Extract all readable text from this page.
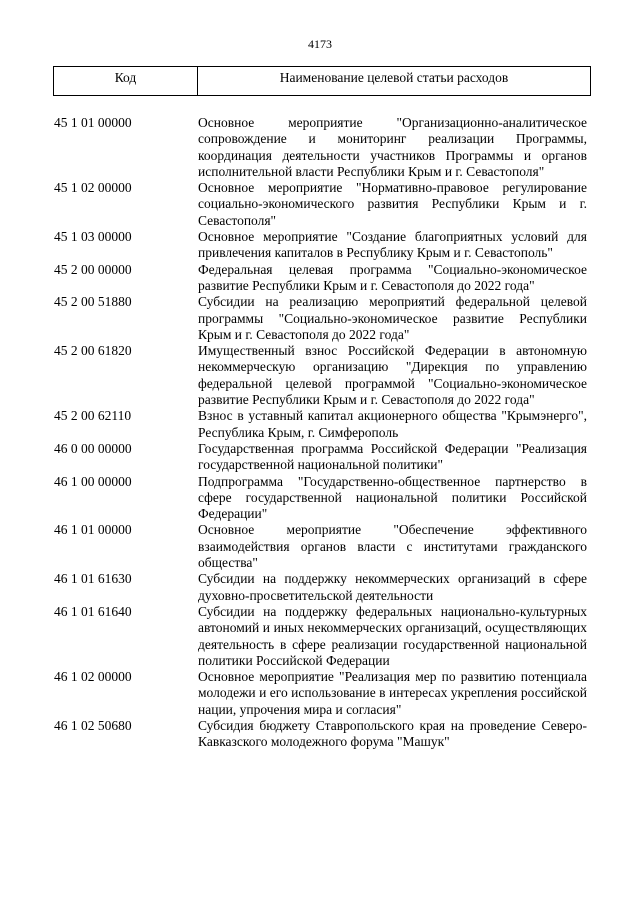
4173
Код	Наименование целевой статьи расходов
45 1 01 00000	Основное мероприятие "Организационно-аналитическое сопровождение и мониторинг реализации Программы, координация деятельности участников Программы и органов исполнительной власти Республики Крым и г. Севастополя"
45 1 02 00000	Основное мероприятие "Нормативно-правовое регулирование социально-экономического развития Республики Крым и г. Севастополя"
45 1 03 00000	Основное мероприятие "Создание благоприятных условий для привлечения капиталов в Республику Крым и г. Севастополь"
45 2 00 00000	Федеральная целевая программа "Социально-экономическое развитие Республики Крым и г. Севастополя до 2022 года"
45 2 00 51880	Субсидии на реализацию мероприятий федеральной целевой программы "Социально-экономическое развитие Республики Крым и г. Севастополя до 2022 года"
45 2 00 61820	Имущественный взнос Российской Федерации в автономную некоммерческую организацию "Дирекция по управлению федеральной целевой программой "Социально-экономическое развитие Республики Крым и г. Севастополя до 2022 года"
45 2 00 62110	Взнос в уставный капитал акционерного общества "Крымэнерго", Республика Крым, г. Симферополь
46 0 00 00000	Государственная программа Российской Федерации "Реализация государственной национальной политики"
46 1 00 00000	Подпрограмма "Государственно-общественное партнерство в сфере государственной национальной политики Российской Федерации"
46 1 01 00000	Основное мероприятие "Обеспечение эффективного взаимодействия органов власти с институтами гражданского общества"
46 1 01 61630	Субсидии на поддержку некоммерческих организаций в сфере духовно-просветительской деятельности
46 1 01 61640	Субсидии на поддержку федеральных национально-культурных автономий и иных некоммерческих организаций, осуществляющих деятельность в сфере реализации государственной национальной политики Российской Федерации
46 1 02 00000	Основное мероприятие "Реализация мер по развитию потенциала молодежи и его использование в интересах укрепления российской нации, упрочения мира и согласия"
46 1 02 50680	Субсидия бюджету Ставропольского края на проведение Северо-Кавказского молодежного форума "Машук"
